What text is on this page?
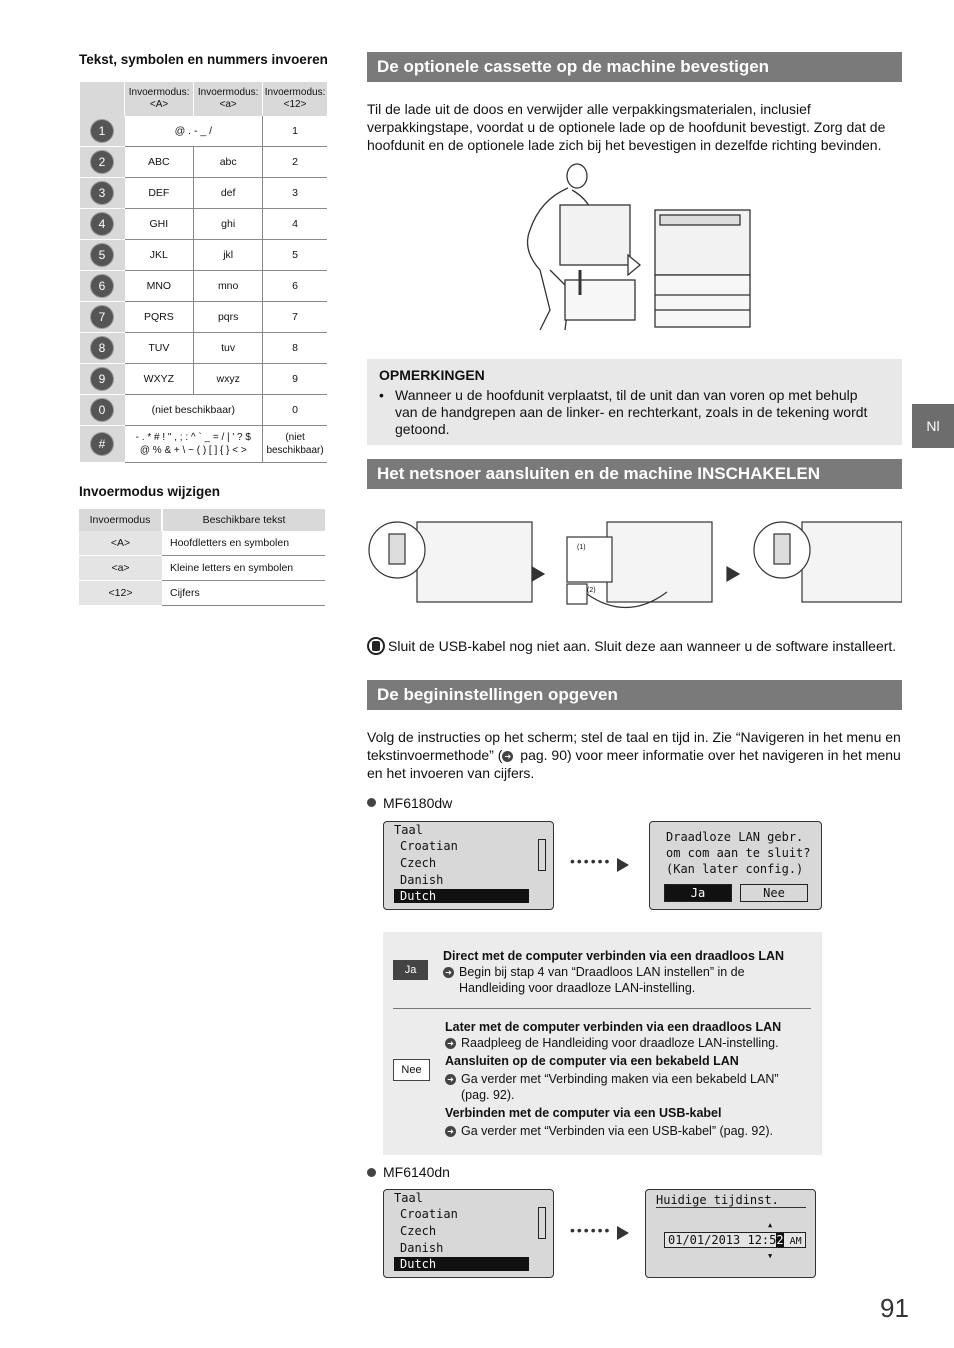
Tekst, symbolen en nummers invoeren
	Invoermodus: <A>	Invoermodus: <a>	Invoermodus: <12>
1	@ . - _ /		1
2	ABC	abc	2
3	DEF	def	3
4	GHI	ghi	4
5	JKL	jkl	5
6	MNO	mno	6
7	PQRS	pqrs	7
8	TUV	tuv	8
9	WXYZ	wxyz	9
0	(niet beschikbaar)		0
#	- . * # ! " , ; : ^ ` _ = / | ' ? $ @ % & + \ ~ ( ) [ ] { } < >		(niet beschikbaar)
Invoermodus wijzigen
Invoermodus	Beschikbare tekst
<A>	Hoofdletters en symbolen
<a>	Kleine letters en symbolen
<12>	Cijfers
De optionele cassette op de machine bevestigen
Til de lade uit de doos en verwijder alle verpakkingsmaterialen, inclusief verpakkingstape, voordat u de optionele lade op de hoofdunit bevestigt. Zorg dat de hoofdunit en de optionele lade zich bij het bevestigen in dezelfde richting bevinden.
OPMERKINGEN
• Wanneer u de hoofdunit verplaatst, til de unit dan van voren op met behulp van de handgrepen aan de linker- en rechterkant, zoals in de tekening wordt getoond.	Nl
Het netsnoer aansluiten en de machine INSCHAKELEN
(1)
(2)
Sluit de USB-kabel nog niet aan. Sluit deze aan wanneer u de software installeert.
De begininstellingen opgeven
Volg de instructies op het scherm; stel de taal en tijd in. Zie “Navigeren in het menu en tekstinvoermethode” ( ➜ pag. 90) voor meer informatie over het navigeren in het menu en het invoeren van cijfers.
MF6180dw
Taal
Croatian
Czech
Danish
Dutch
••••••
Draadloze LAN gebr.
om com aan te sluit?
(Kan later config.)
Ja	Nee
Ja
Direct met de computer verbinden via een draadloos LAN
➜ Begin bij stap 4 van “Draadloos LAN instellen” in de Handleiding voor draadloze LAN-instelling.
Nee
Later met de computer verbinden via een draadloos LAN
➜ Raadpleeg de Handleiding voor draadloze LAN-instelling.
Aansluiten op de computer via een bekabeld LAN
➜ Ga verder met “Verbinding maken via een bekabeld LAN” (pag. 92).
Verbinden met de computer via een USB-kabel
➜ Ga verder met “Verbinden via een USB-kabel” (pag. 92).
MF6140dn
Taal
Croatian
Czech
Danish
Dutch
••••••
Huidige tijdinst.
▲
01/01/2013 12:52 AM
▼
91
